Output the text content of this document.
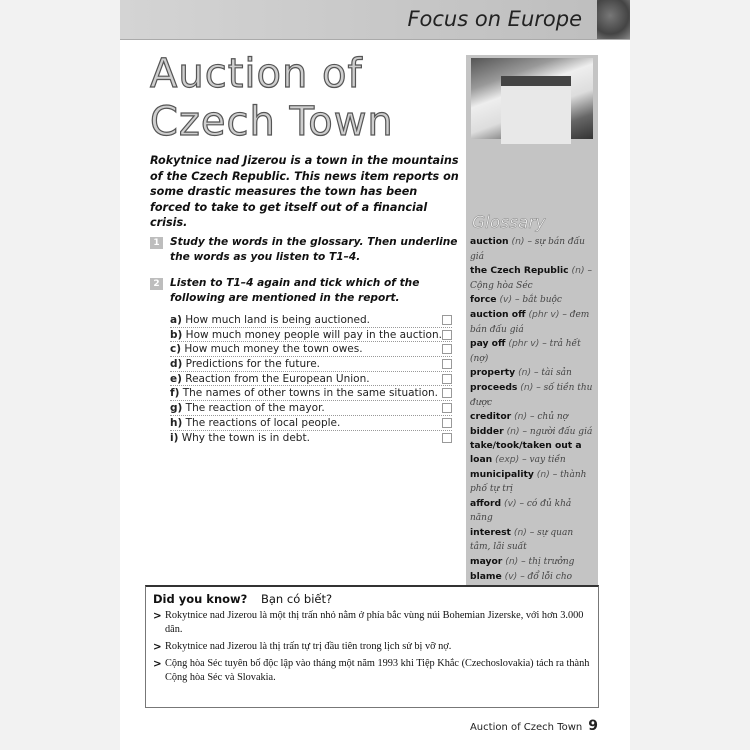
Focus on Europe
Auction of
Czech Town
Rokytnice nad Jizerou is a town in the mountains of the Czech Republic. This news item reports on some drastic measures the town has been forced to take to get itself out of a financial crisis.
1 Study the words in the glossary. Then underline the words as you listen to T1–4.
2 Listen to T1–4 again and tick which of the following are mentioned in the report.
a) How much land is being auctioned.
b) How much money people will pay in the auction.
c) How much money the town owes.
d) Predictions for the future.
e) Reaction from the European Union.
f) The names of other towns in the same situation.
g) The reaction of the mayor.
h) The reactions of local people.
i) Why the town is in debt.
Glossary

auction (n) – sự bán đấu giá

the Czech Republic (n) – Cộng hòa Séc

force (v) – bắt buộc

auction off (phr v) – đem bán đấu giá

pay off (phr v) – trả hết (nợ)

property (n) – tài sản

proceeds (n) – số tiền thu được

creditor (n) – chủ nợ

bidder (n) – người đấu giá

take/took/taken out a loan (exp) – vay tiền

municipality (n) – thành phố tự trị

afford (v) – có đủ khả năng

interest (n) – sự quan tâm, lãi suất

mayor (n) – thị trưởng

blame (v) – đổ lỗi cho

Did you know? Bạn có biết?
> Rokytnice nad Jizerou là một thị trấn nhỏ nằm ở phía bắc vùng núi Bohemian Jizerske, với hơn 3.000 dân.
> Rokytnice nad Jizerou là thị trấn tự trị đầu tiên trong lịch sử bị vỡ nợ.
> Cộng hòa Séc tuyên bố độc lập vào tháng một năm 1993 khi Tiệp Khắc (Czechoslovakia) tách ra thành Cộng hòa Séc và Slovakia.
Auction of Czech Town 9
